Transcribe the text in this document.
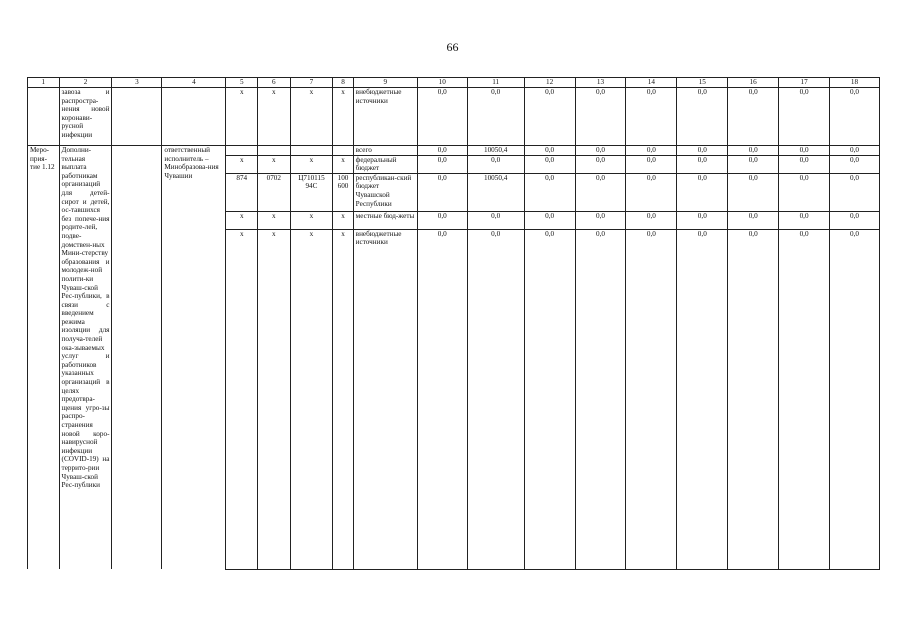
66
1	2	3	4	5	6	7	8	9	10	11	12	13	14	15	16	17	18
	завоза и распростра-нения новой коронави-русной инфекции			x	x	x	x	внебюджетные источники	0,0	0,0	0,0	0,0	0,0	0,0	0,0	0,0	0,0
Меро-прия-тие 1.12	Дополни-тельная выплата работникам организаций для детей-сирот и детей, ос-тавшихся без попече-ния родите-лей, подве-домствен-ных Мини-стерству образования и молодеж-ной полити-ки Чуваш-ской Рес-публики, в связи с введением режима изоляции для получа-телей ока-зываемых услуг и работников указанных организаций в целях предотвра-щения угро-зы распро-странения новой коро-навирусной инфекции (COVID-19) на террито-рии Чуваш-ской Рес-публики		ответственный исполнитель – Минобразова-ния Чувашии					всего	0,0	10050,4	0,0	0,0	0,0	0,0	0,0	0,0	0,0
				x	x	x	x	федеральный бюджет	0,0	0,0	0,0	0,0	0,0	0,0	0,0	0,0	0,0
				874	0702	Ц710115 94С	100 600	республикан-ский бюджет Чувашской Республики	0,0	10050,4	0,0	0,0	0,0	0,0	0,0	0,0	0,0
				x	x	x	x	местные бюд-жеты	0,0	0,0	0,0	0,0	0,0	0,0	0,0	0,0	0,0
				x	x	x	x	внебюджетные источники	0,0	0,0	0,0	0,0	0,0	0,0	0,0	0,0	0,0
